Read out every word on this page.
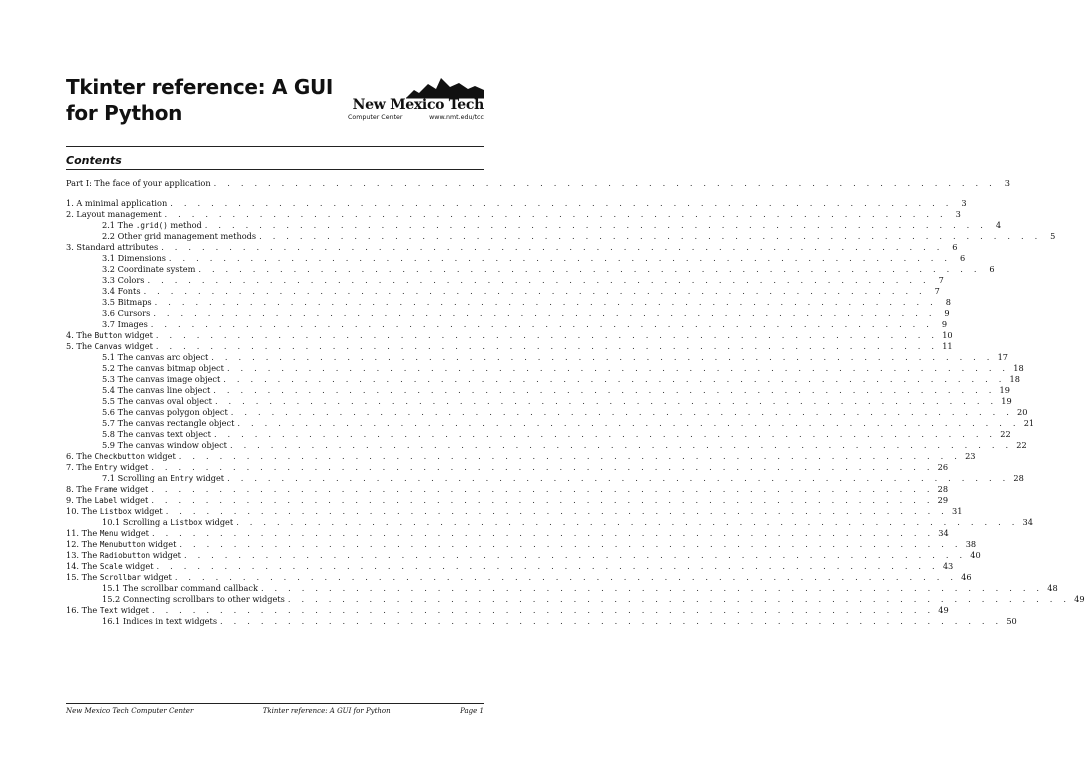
Tkinter reference: A GUI for Python	New Mexico Tech
Computer Center	www.nmt.edu/tcc
Contents
Part I: The face of your application . . . . . . . . . . . . . . . . . . . . . . . . . . . . . . . . . . . . . . . . . . . . . . . . . . . . . . . . . .	3
1. A minimal application . . . . . . . . . . . . . . . . . . . . . . . . . . . . . . . . . . . . . . . . . . . . . . . . . . . . . . . . . .	3
2. Layout management . . . . . . . . . . . . . . . . . . . . . . . . . . . . . . . . . . . . . . . . . . . . . . . . . . . . . . . . . .	3
2.1 The .grid() method . . . . . . . . . . . . . . . . . . . . . . . . . . . . . . . . . . . . . . . . . . . . . . . . . . . . . . . . . .	4
2.2 Other grid management methods . . . . . . . . . . . . . . . . . . . . . . . . . . . . . . . . . . . . . . . . . . . . . . . . . . . . . . . . . .	5
3. Standard attributes . . . . . . . . . . . . . . . . . . . . . . . . . . . . . . . . . . . . . . . . . . . . . . . . . . . . . . . . . .	6
3.1 Dimensions . . . . . . . . . . . . . . . . . . . . . . . . . . . . . . . . . . . . . . . . . . . . . . . . . . . . . . . . . .	6
3.2 Coordinate system . . . . . . . . . . . . . . . . . . . . . . . . . . . . . . . . . . . . . . . . . . . . . . . . . . . . . . . . . .	6
3.3 Colors . . . . . . . . . . . . . . . . . . . . . . . . . . . . . . . . . . . . . . . . . . . . . . . . . . . . . . . . . .	7
3.4 Fonts . . . . . . . . . . . . . . . . . . . . . . . . . . . . . . . . . . . . . . . . . . . . . . . . . . . . . . . . . .	7
3.5 Bitmaps . . . . . . . . . . . . . . . . . . . . . . . . . . . . . . . . . . . . . . . . . . . . . . . . . . . . . . . . . .	8
3.6 Cursors . . . . . . . . . . . . . . . . . . . . . . . . . . . . . . . . . . . . . . . . . . . . . . . . . . . . . . . . . .	9
3.7 Images . . . . . . . . . . . . . . . . . . . . . . . . . . . . . . . . . . . . . . . . . . . . . . . . . . . . . . . . . .	9
4. The Button widget . . . . . . . . . . . . . . . . . . . . . . . . . . . . . . . . . . . . . . . . . . . . . . . . . . . . . . . . . . 10
5. The Canvas widget . . . . . . . . . . . . . . . . . . . . . . . . . . . . . . . . . . . . . . . . . . . . . . . . . . . . . . . . . . 11
5.1 The canvas arc object . . . . . . . . . . . . . . . . . . . . . . . . . . . . . . . . . . . . . . . . . . . . . . . . . . . . . . . . . . 17
5.2 The canvas bitmap object . . . . . . . . . . . . . . . . . . . . . . . . . . . . . . . . . . . . . . . . . . . . . . . . . . . . . . . . . . 18
5.3 The canvas image object . . . . . . . . . . . . . . . . . . . . . . . . . . . . . . . . . . . . . . . . . . . . . . . . . . . . . . . . . . 18
5.4 The canvas line object . . . . . . . . . . . . . . . . . . . . . . . . . . . . . . . . . . . . . . . . . . . . . . . . . . . . . . . . . . 19
5.5 The canvas oval object . . . . . . . . . . . . . . . . . . . . . . . . . . . . . . . . . . . . . . . . . . . . . . . . . . . . . . . . . . 19
5.6 The canvas polygon object . . . . . . . . . . . . . . . . . . . . . . . . . . . . . . . . . . . . . . . . . . . . . . . . . . . . . . . . . . 20
5.7 The canvas rectangle object . . . . . . . . . . . . . . . . . . . . . . . . . . . . . . . . . . . . . . . . . . . . . . . . . . . . . . . . . . 21
5.8 The canvas text object . . . . . . . . . . . . . . . . . . . . . . . . . . . . . . . . . . . . . . . . . . . . . . . . . . . . . . . . . . 22
5.9 The canvas window object . . . . . . . . . . . . . . . . . . . . . . . . . . . . . . . . . . . . . . . . . . . . . . . . . . . . . . . . . . 22
6. The Checkbutton widget . . . . . . . . . . . . . . . . . . . . . . . . . . . . . . . . . . . . . . . . . . . . . . . . . . . . . . . . . . 23
7. The Entry widget . . . . . . . . . . . . . . . . . . . . . . . . . . . . . . . . . . . . . . . . . . . . . . . . . . . . . . . . . . 26
7.1 Scrolling an Entry widget . . . . . . . . . . . . . . . . . . . . . . . . . . . . . . . . . . . . . . . . . . . . . . . . . . . . . . . . . . 28
8. The Frame widget . . . . . . . . . . . . . . . . . . . . . . . . . . . . . . . . . . . . . . . . . . . . . . . . . . . . . . . . . . 28
9. The Label widget . . . . . . . . . . . . . . . . . . . . . . . . . . . . . . . . . . . . . . . . . . . . . . . . . . . . . . . . . . 29
10. The Listbox widget . . . . . . . . . . . . . . . . . . . . . . . . . . . . . . . . . . . . . . . . . . . . . . . . . . . . . . . . . . 31
10.1 Scrolling a Listbox widget . . . . . . . . . . . . . . . . . . . . . . . . . . . . . . . . . . . . . . . . . . . . . . . . . . . . . . . . . . 34
11. The Menu widget . . . . . . . . . . . . . . . . . . . . . . . . . . . . . . . . . . . . . . . . . . . . . . . . . . . . . . . . . . 34
12. The Menubutton widget . . . . . . . . . . . . . . . . . . . . . . . . . . . . . . . . . . . . . . . . . . . . . . . . . . . . . . . . . . 38
13. The Radiobutton widget . . . . . . . . . . . . . . . . . . . . . . . . . . . . . . . . . . . . . . . . . . . . . . . . . . . . . . . . . . 40
14. The Scale widget . . . . . . . . . . . . . . . . . . . . . . . . . . . . . . . . . . . . . . . . . . . . . . . . . . . . . . . . . . 43
15. The Scrollbar widget . . . . . . . . . . . . . . . . . . . . . . . . . . . . . . . . . . . . . . . . . . . . . . . . . . . . . . . . . . 46
15.1 The scrollbar command callback . . . . . . . . . . . . . . . . . . . . . . . . . . . . . . . . . . . . . . . . . . . . . . . . . . . . . . . . . . 48
15.2 Connecting scrollbars to other widgets . . . . . . . . . . . . . . . . . . . . . . . . . . . . . . . . . . . . . . . . . . . . . . . . . . . . . . . . . . 49
16. The Text widget . . . . . . . . . . . . . . . . . . . . . . . . . . . . . . . . . . . . . . . . . . . . . . . . . . . . . . . . . . 49
16.1 Indices in text widgets . . . . . . . . . . . . . . . . . . . . . . . . . . . . . . . . . . . . . . . . . . . . . . . . . . . . . . . . . . 50
New Mexico Tech Computer Center	Tkinter reference: A GUI for Python	Page 1
